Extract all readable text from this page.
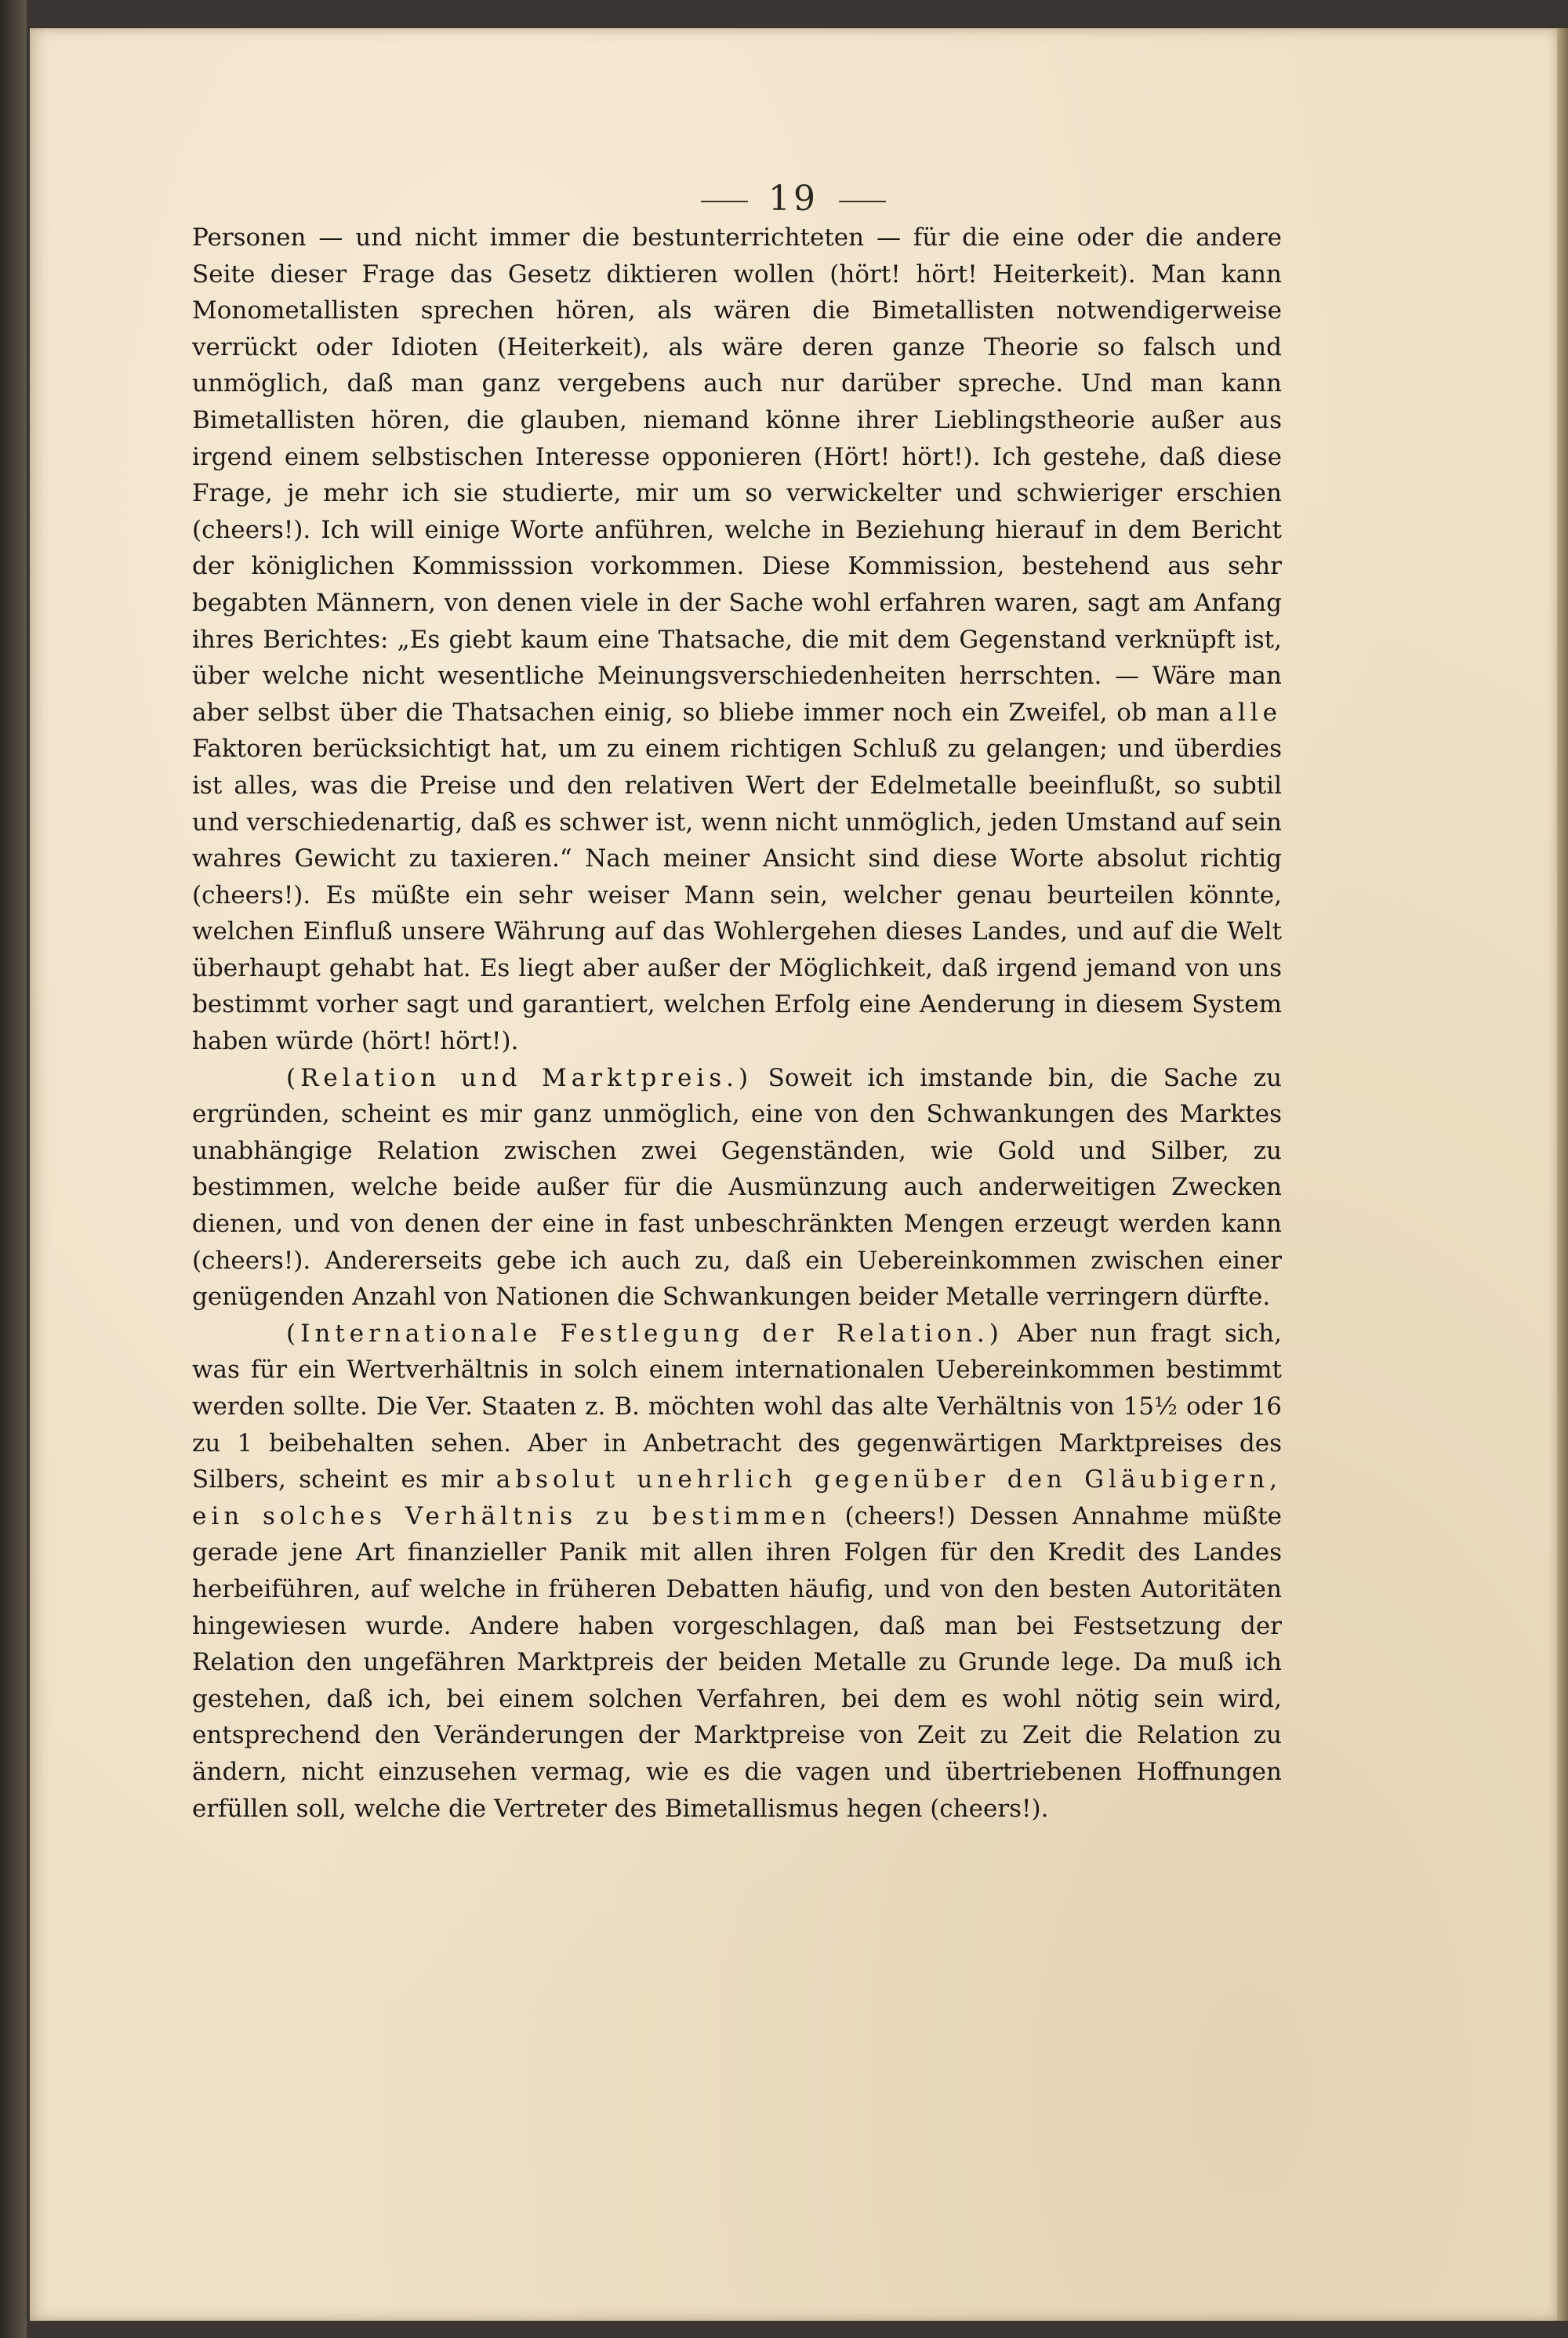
19

Personen — und nicht immer die bestunterrichteten — für die eine oder die andere Seite dieser Frage das Gesetz diktieren wollen (hört! hört! Heiterkeit). Man kann Monometallisten sprechen hören, als wären die Bimetallisten notwendigerweise verrückt oder Idioten (Heiterkeit), als wäre deren ganze Theorie so falsch und unmöglich, daß man ganz vergebens auch nur darüber spreche. Und man kann Bimetallisten hören, die glauben, niemand könne ihrer Lieblingstheorie außer aus irgend einem selbstischen Interesse opponieren (Hört! hört!). Ich gestehe, daß diese Frage, je mehr ich sie studierte, mir um so verwickelter und schwieriger erschien (cheers!). Ich will einige Worte anführen, welche in Beziehung hierauf in dem Bericht der königlichen Kommisssion vorkommen. Diese Kommission, bestehend aus sehr begabten Männern, von denen viele in der Sache wohl erfahren waren, sagt am Anfang ihres Berichtes: „Es giebt kaum eine Thatsache, die mit dem Gegenstand verknüpft ist, über welche nicht wesentliche Meinungsverschiedenheiten herrschten. — Wäre man aber selbst über die Thatsachen einig, so bliebe immer noch ein Zweifel, ob man alle Faktoren berücksichtigt hat, um zu einem richtigen Schluß zu gelangen; und überdies ist alles, was die Preise und den relativen Wert der Edelmetalle beeinflußt, so subtil und verschiedenartig, daß es schwer ist, wenn nicht unmöglich, jeden Umstand auf sein wahres Gewicht zu taxieren.“ Nach meiner Ansicht sind diese Worte absolut richtig (cheers!). Es müßte ein sehr weiser Mann sein, welcher genau beurteilen könnte, welchen Einfluß unsere Währung auf das Wohlergehen dieses Landes, und auf die Welt überhaupt gehabt hat. Es liegt aber außer der Möglichkeit, daß irgend jemand von uns bestimmt vorher sagt und garantiert, welchen Erfolg eine Aenderung in diesem System haben würde (hört! hört!).

(Relation und Marktpreis.) Soweit ich imstande bin, die Sache zu ergründen, scheint es mir ganz unmöglich, eine von den Schwankungen des Marktes unabhängige Relation zwischen zwei Gegenständen, wie Gold und Silber, zu bestimmen, welche beide außer für die Ausmünzung auch anderweitigen Zwecken dienen, und von denen der eine in fast unbeschränkten Mengen erzeugt werden kann (cheers!). Andererseits gebe ich auch zu, daß ein Uebereinkommen zwischen einer genügenden Anzahl von Nationen die Schwankungen beider Metalle verringern dürfte.

(Internationale Festlegung der Relation.) Aber nun fragt sich, was für ein Wertverhältnis in solch einem internationalen Uebereinkommen bestimmt werden sollte. Die Ver. Staaten z. B. möchten wohl das alte Verhältnis von 15½ oder 16 zu 1 beibehalten sehen. Aber in Anbetracht des gegenwärtigen Marktpreises des Silbers, scheint es mir absolut unehrlich gegenüber den Gläubigern, ein solches Verhältnis zu bestimmen (cheers!) Dessen Annahme müßte gerade jene Art finanzieller Panik mit allen ihren Folgen für den Kredit des Landes herbeiführen, auf welche in früheren Debatten häufig, und von den besten Autoritäten hingewiesen wurde. Andere haben vorgeschlagen, daß man bei Festsetzung der Relation den ungefähren Marktpreis der beiden Metalle zu Grunde lege. Da muß ich gestehen, daß ich, bei einem solchen Verfahren, bei dem es wohl nötig sein wird, entsprechend den Veränderungen der Marktpreise von Zeit zu Zeit die Relation zu ändern, nicht einzusehen vermag, wie es die vagen und übertriebenen Hoffnungen erfüllen soll, welche die Vertreter des Bimetallismus hegen (cheers!).
